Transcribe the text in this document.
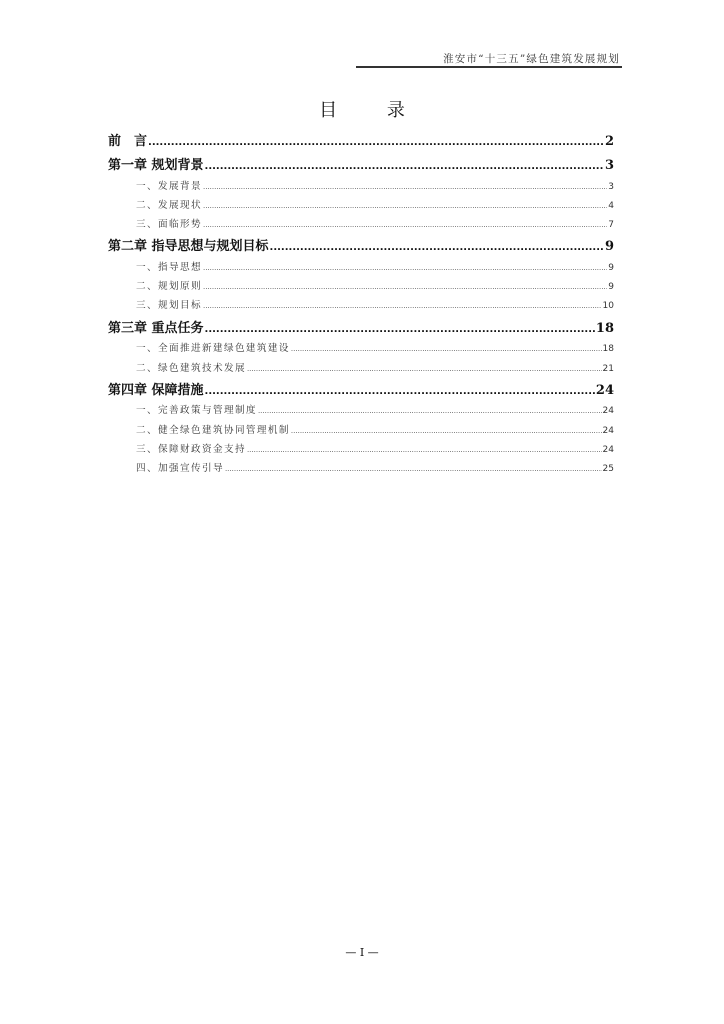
淮安市“十三五”绿色建筑发展规划
目 录
前　言 .....	2
第一章 规划背景 .....	3
一、发展背景 .....	3
二、发展现状 .....	4
三、面临形势 .....	7
第二章 指导思想与规划目标 .....	9
一、指导思想 .....	9
二、规划原则 .....	9
三、规划目标 .....	10
第三章 重点任务 .....	18
一、全面推进新建绿色建筑建设 .....	18
二、绿色建筑技术发展 .....	21
第四章 保障措施 .....	24
一、完善政策与管理制度 .....	24
二、健全绿色建筑协同管理机制 .....	24
三、保障财政资金支持 .....	24
四、加强宣传引导 .....	25
— I —
